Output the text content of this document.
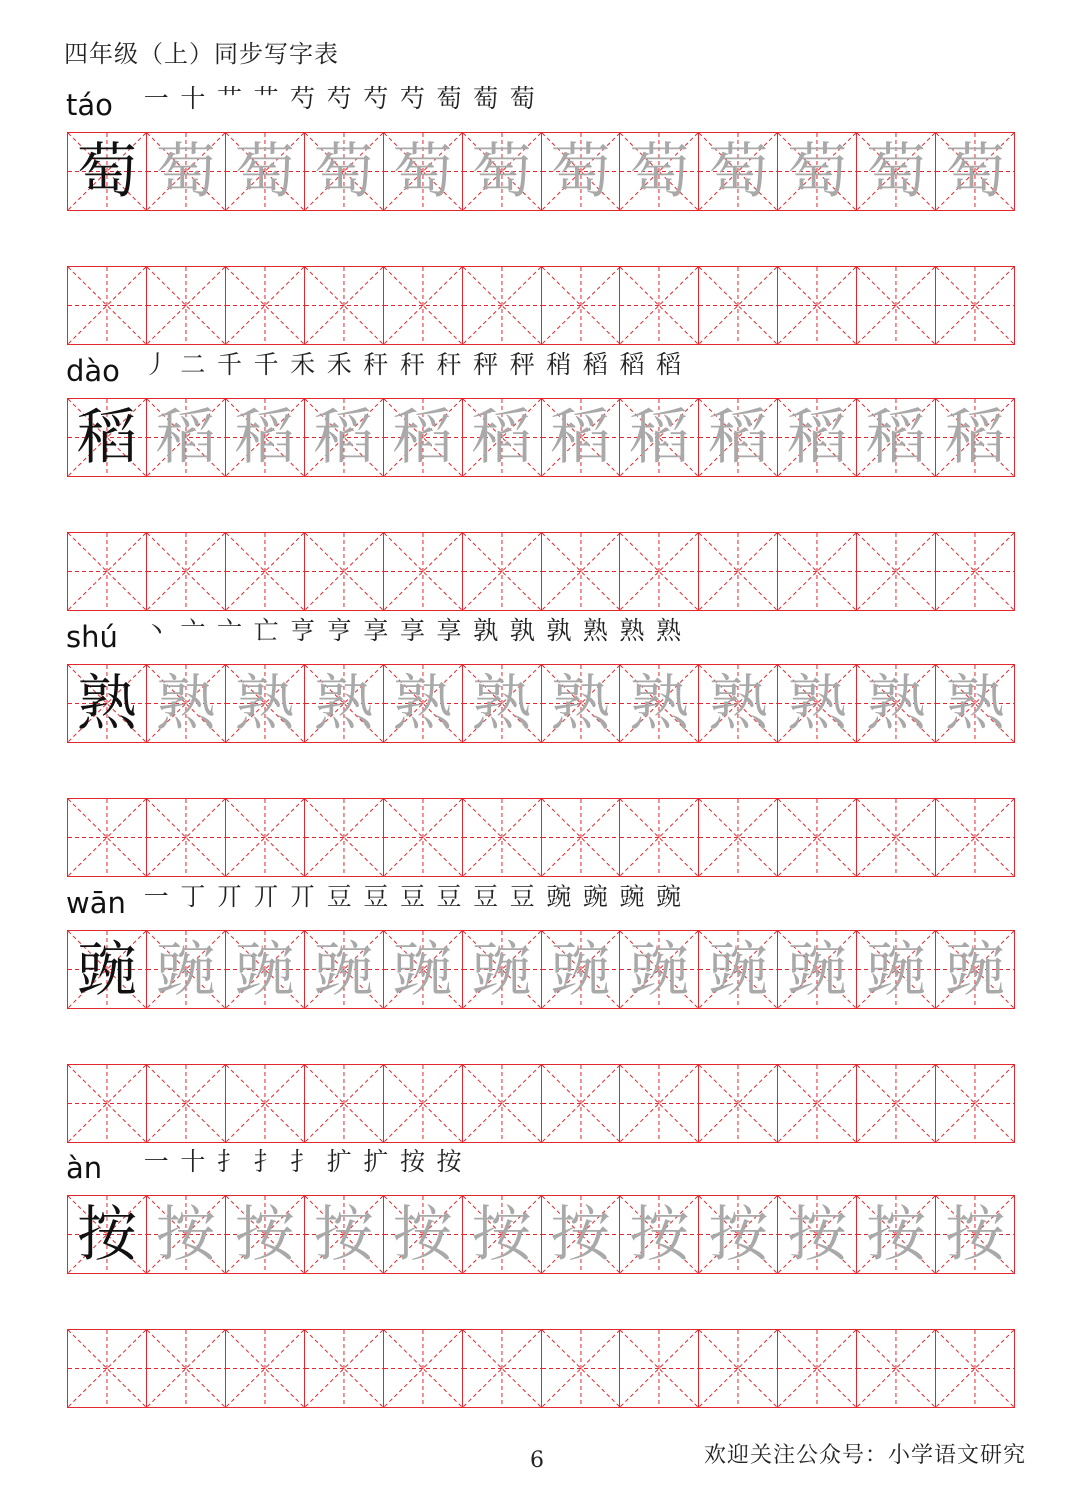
四年级（上）同步写字表
táo 一 十 艹 艹 芍 芍 芍 芍 萄 萄 萄
萄 萄 萄 萄 萄 萄 萄 萄 萄 萄 萄 萄
dào 丿 二 千 千 禾 禾 秆 秆 秆 秤 秤 稍 稻 稻 稻
稻 稻 稻 稻 稻 稻 稻 稻 稻 稻 稻 稻
shú 丶 亠 亠 亡 亨 亨 享 享 享 孰 孰 孰 熟 熟 熟
熟 熟 熟 熟 熟 熟 熟 熟 熟 熟 熟 熟
wān 一 丁 丌 丌 丌 豆 豆 豆 豆 豆 豆 豌 豌 豌 豌
豌 豌 豌 豌 豌 豌 豌 豌 豌 豌 豌 豌
àn 一 十 扌 扌 扌 扩 扩 按 按
按 按 按 按 按 按 按 按 按 按 按 按
6	欢迎关注公众号：小学语文研究
